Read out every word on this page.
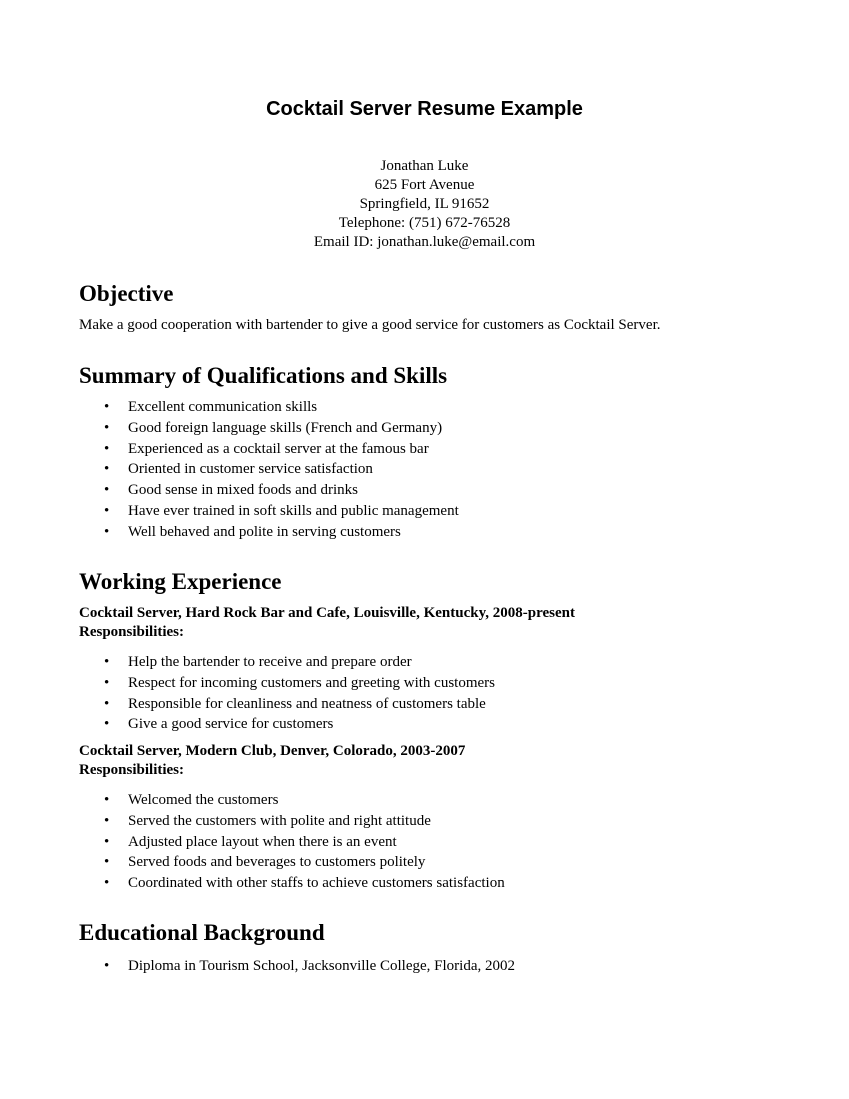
Cocktail Server Resume Example
Jonathan Luke
625 Fort Avenue
Springfield, IL 91652
Telephone: (751) 672-76528
Email ID: jonathan.luke@email.com
Objective
Make a good cooperation with bartender to give a good service for customers as Cocktail Server.
Summary of Qualifications and Skills
• Excellent communication skills
• Good foreign language skills (French and Germany)
• Experienced as a cocktail server at the famous bar
• Oriented in customer service satisfaction
• Good sense in mixed foods and drinks
• Have ever trained in soft skills and public management
• Well behaved and polite in serving customers
Working Experience
Cocktail Server, Hard Rock Bar and Cafe, Louisville, Kentucky, 2008-present
Responsibilities:
• Help the bartender to receive and prepare order
• Respect for incoming customers and greeting with customers
• Responsible for cleanliness and neatness of customers table
• Give a good service for customers
Cocktail Server, Modern Club, Denver, Colorado, 2003-2007
Responsibilities:
• Welcomed the customers
• Served the customers with polite and right attitude
• Adjusted place layout when there is an event
• Served foods and beverages to customers politely
• Coordinated with other staffs to achieve customers satisfaction
Educational Background
• Diploma in Tourism School, Jacksonville College, Florida, 2002
